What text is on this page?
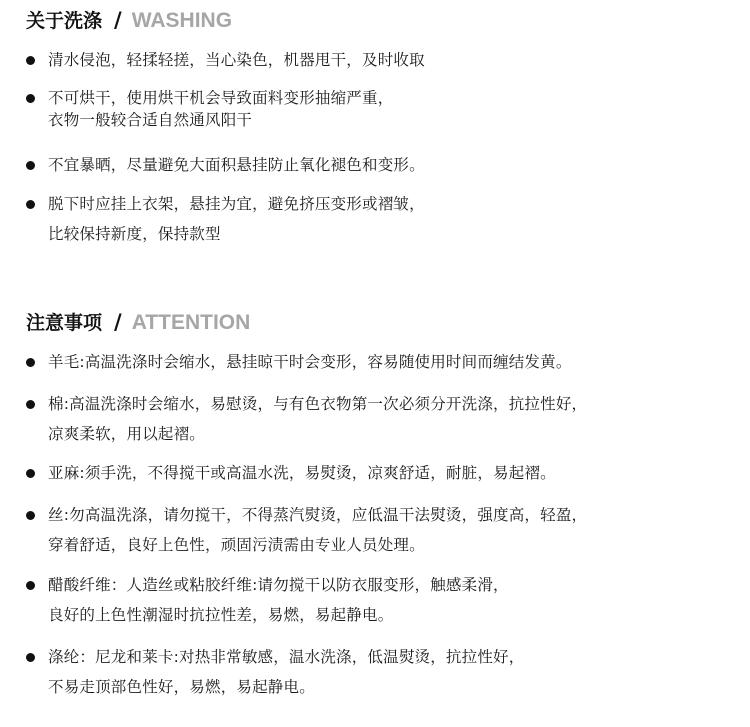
关于洗涤 / WASHING
清水侵泡，轻揉轻搓，当心染色，机器甩干，及时收取
不可烘干，使用烘干机会导致面料变形抽缩严重，
衣物一般较合适自然通风阳干
不宜暴晒，尽量避免大面积悬挂防止氧化褪色和变形。
脱下时应挂上衣架，悬挂为宜，避免挤压变形或褶皱，
比较保持新度，保持款型
注意事项 / ATTENTION
羊毛:高温洗涤时会缩水，悬挂晾干时会变形，容易随使用时间而缠结发黄。
棉:高温洗涤时会缩水，易慰烫，与有色衣物第一次必须分开洗涤，抗拉性好，
凉爽柔软，用以起褶。
亚麻:须手洗，不得搅干或高温水洗，易熨烫，凉爽舒适，耐脏，易起褶。
丝:勿高温洗涤，请勿搅干，不得蒸汽熨烫，应低温干法熨烫，强度高，轻盈，
穿着舒适，良好上色性，顽固污渍需由专业人员处理。
醋酸纤维：人造丝或粘胶纤维:请勿搅干以防衣服变形，触感柔滑，
良好的上色性潮湿时抗拉性差，易燃，易起静电。
涤纶：尼龙和莱卡:对热非常敏感，温水洗涤，低温熨烫，抗拉性好，
不易走顶部色性好，易燃，易起静电。
